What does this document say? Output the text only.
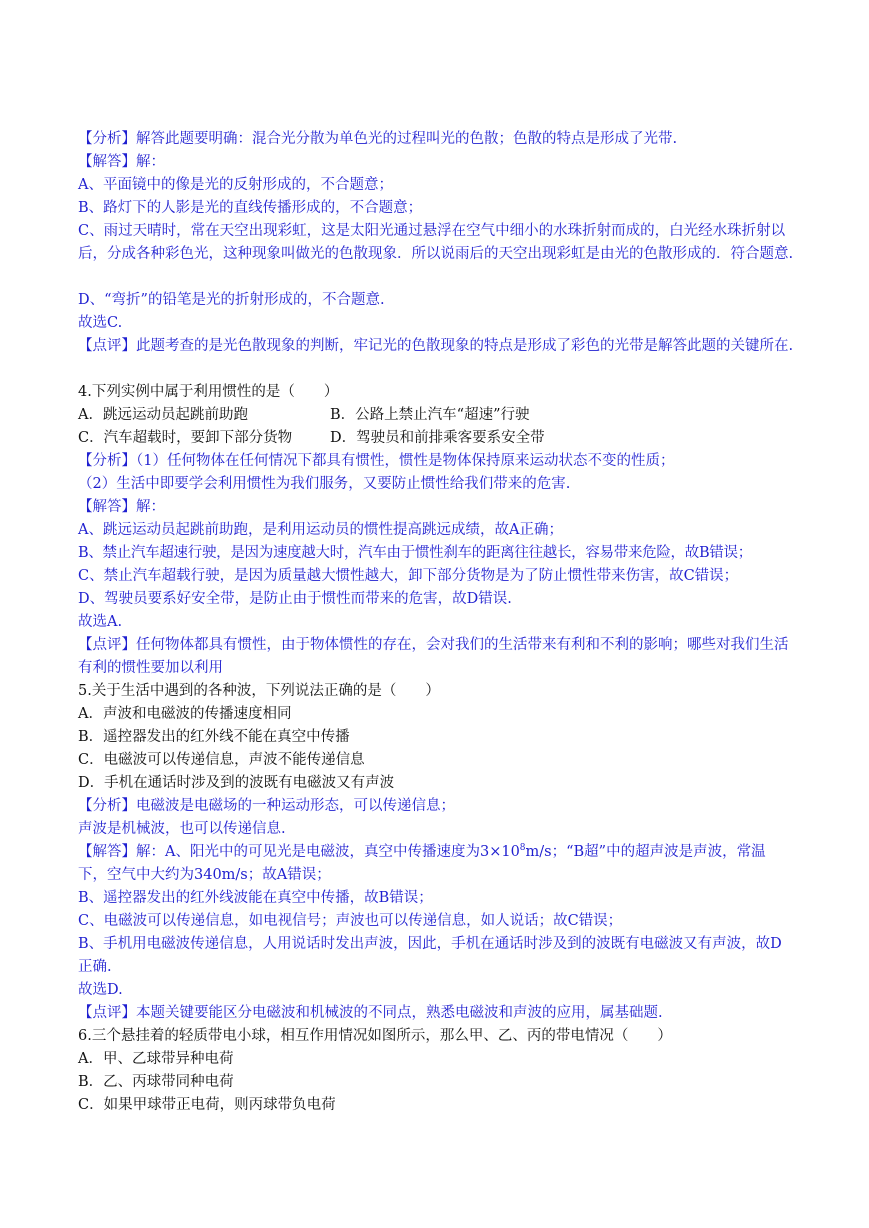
【分析】解答此题要明确：混合光分散为单色光的过程叫光的色散；色散的特点是形成了光带.
【解答】解：
A、平面镜中的像是光的反射形成的，不合题意；
B、路灯下的人影是光的直线传播形成的，不合题意；
C、雨过天晴时，常在天空出现彩虹，这是太阳光通过悬浮在空气中细小的水珠折射而成的，白光经水珠折射以后，分成各种彩色光，这种现象叫做光的色散现象．所以说雨后的天空出现彩虹是由光的色散形成的．符合题意.
D、“弯折”的铅笔是光的折射形成的，不合题意.
故选C.
【点评】此题考查的是光色散现象的判断，牢记光的色散现象的特点是形成了彩色的光带是解答此题的关键所在.
4.下列实例中属于利用惯性的是（　　）
A．跳远运动员起跳前助跑	B．公路上禁止汽车“超速”行驶
C．汽车超载时，要卸下部分货物	D．驾驶员和前排乘客要系安全带
【分析】（1）任何物体在任何情况下都具有惯性，惯性是物体保持原来运动状态不变的性质；
（2）生活中即要学会利用惯性为我们服务，又要防止惯性给我们带来的危害.
【解答】解：
A、跳远运动员起跳前助跑，是利用运动员的惯性提高跳远成绩，故A正确；
B、禁止汽车超速行驶，是因为速度越大时，汽车由于惯性刹车的距离往往越长，容易带来危险，故B错误；
C、禁止汽车超载行驶，是因为质量越大惯性越大，卸下部分货物是为了防止惯性带来伤害，故C错误；
D、驾驶员要系好安全带，是防止由于惯性而带来的危害，故D错误.
故选A.
【点评】任何物体都具有惯性，由于物体惯性的存在，会对我们的生活带来有利和不利的影响；哪些对我们生活有利的惯性要加以利用
5.关于生活中遇到的各种波，下列说法正确的是（　　）
A．声波和电磁波的传播速度相同
B．遥控器发出的红外线不能在真空中传播
C．电磁波可以传递信息，声波不能传递信息
D．手机在通话时涉及到的波既有电磁波又有声波
【分析】电磁波是电磁场的一种运动形态，可以传递信息；
声波是机械波，也可以传递信息.
【解答】解：A、阳光中的可见光是电磁波，真空中传播速度为$3\times 10^8m/s$；“B超”中的超声波是声波，常温下，空气中大约为340m/s；故A错误；
B、遥控器发出的红外线波能在真空中传播，故B错误；
C、电磁波可以传递信息，如电视信号；声波也可以传递信息，如人说话；故C错误；
B、手机用电磁波传递信息，人用说话时发出声波，因此，手机在通话时涉及到的波既有电磁波又有声波，故D正确.
故选D.
【点评】本题关键要能区分电磁波和机械波的不同点，熟悉电磁波和声波的应用，属基础题.
6.三个悬挂着的轻质带电小球，相互作用情况如图所示，那么甲、乙、丙的带电情况（　　）
A．甲、乙球带异种电荷
B．乙、丙球带同种电荷
C．如果甲球带正电荷，则丙球带负电荷
